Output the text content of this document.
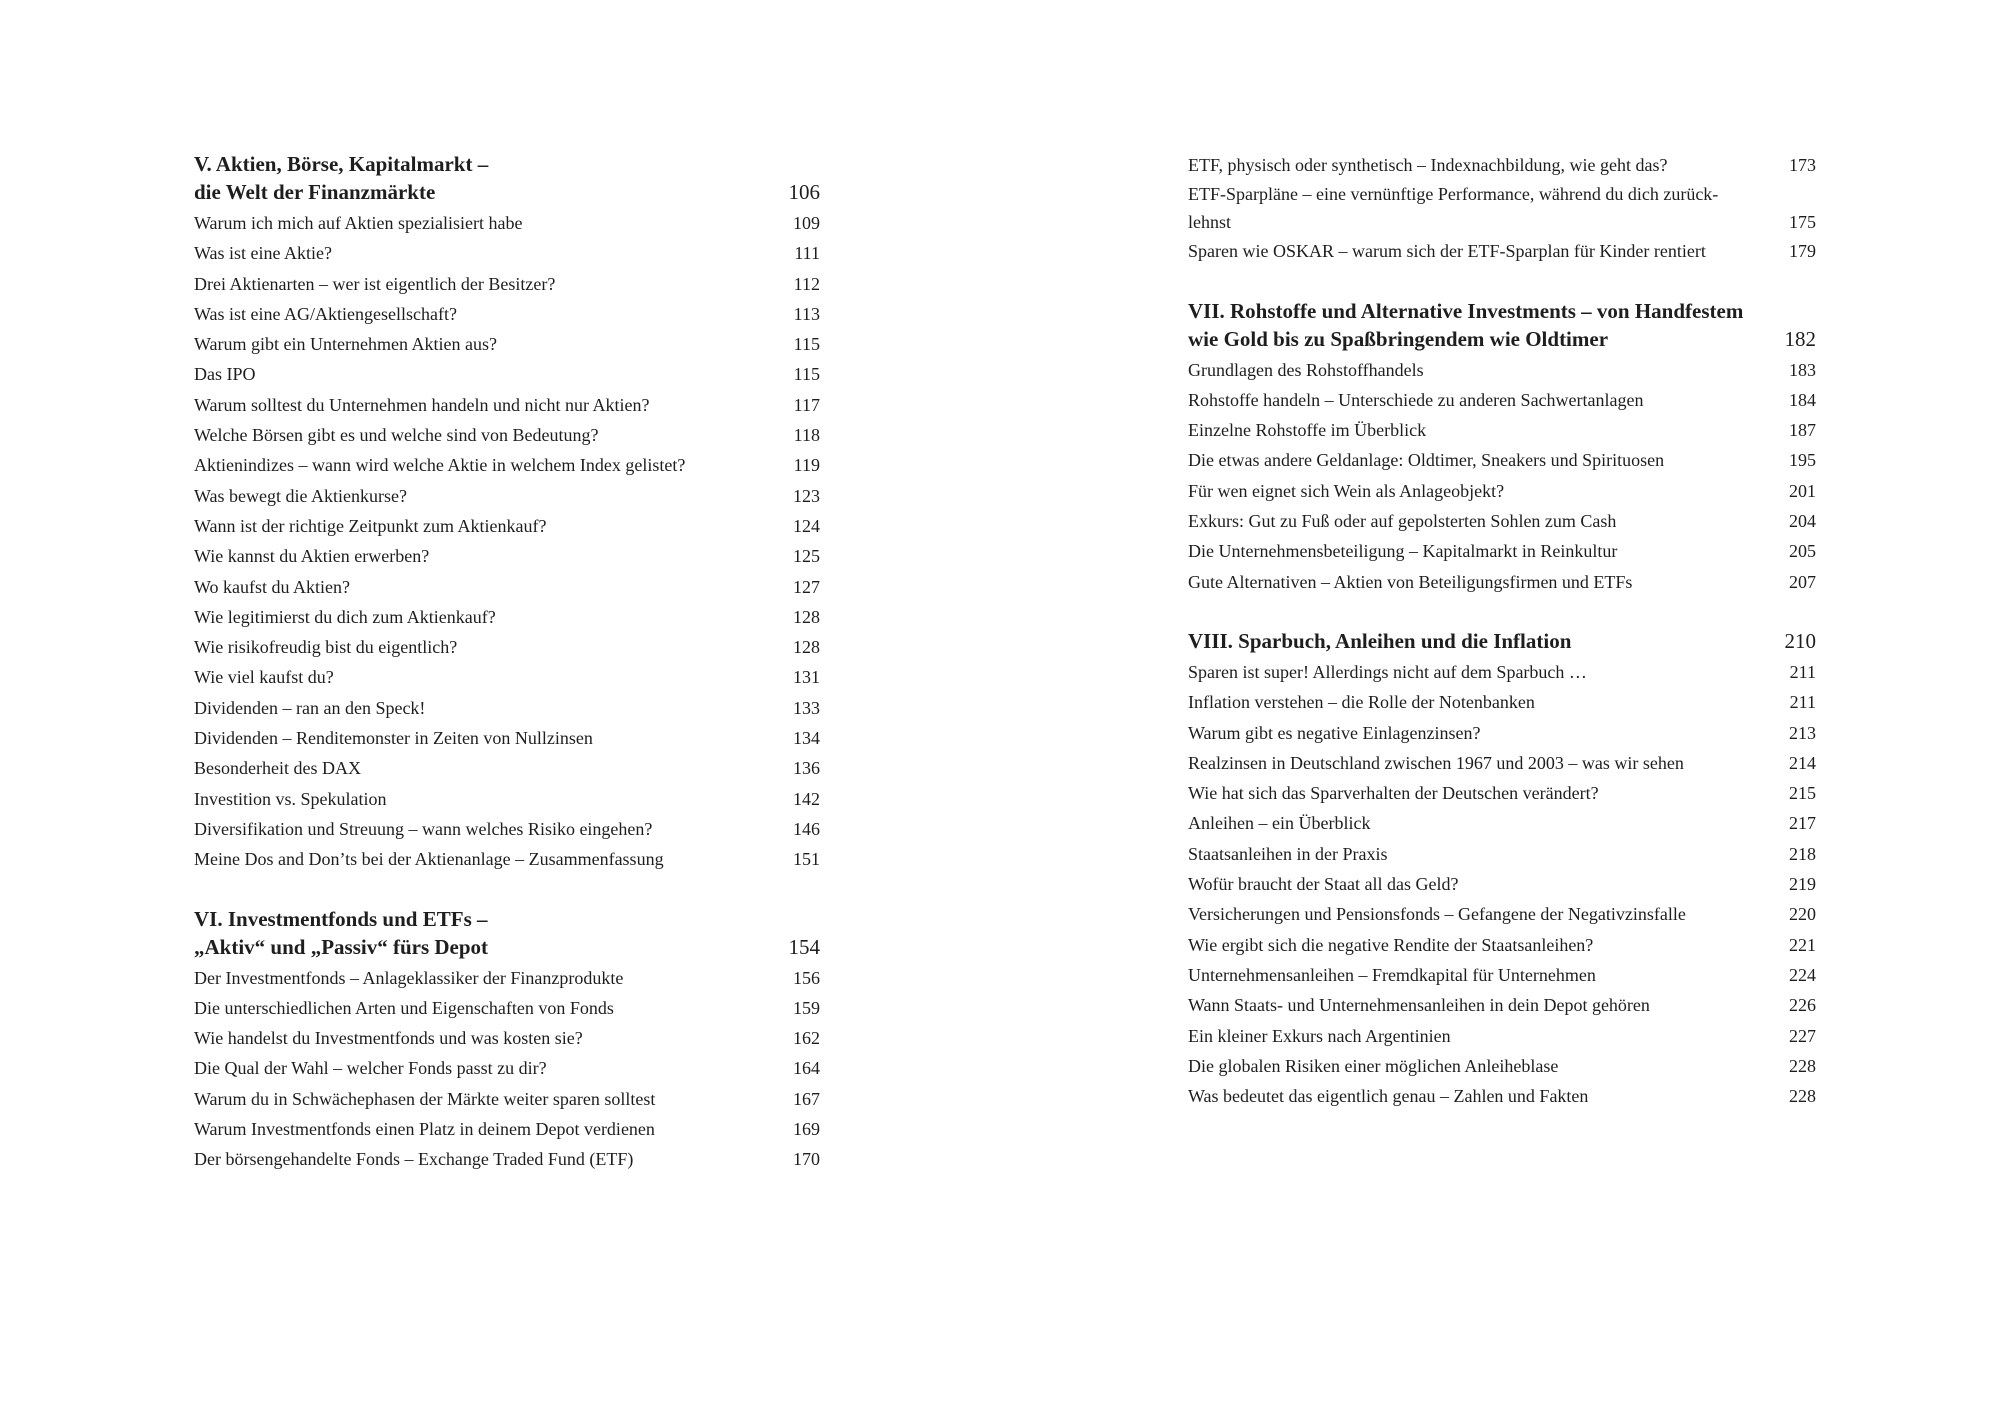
V. Aktien, Börse, Kapitalmarkt –
die Welt der Finanzmärkte	106
Warum ich mich auf Aktien spezialisiert habe	109
Was ist eine Aktie?	111
Drei Aktienarten – wer ist eigentlich der Besitzer?	112
Was ist eine AG/Aktiengesellschaft?	113
Warum gibt ein Unternehmen Aktien aus?	115
Das IPO	115
Warum solltest du Unternehmen handeln und nicht nur Aktien?	117
Welche Börsen gibt es und welche sind von Bedeutung?	118
Aktienindizes – wann wird welche Aktie in welchem Index gelistet?	119
Was bewegt die Aktienkurse?	123
Wann ist der richtige Zeitpunkt zum Aktienkauf?	124
Wie kannst du Aktien erwerben?	125
Wo kaufst du Aktien?	127
Wie legitimierst du dich zum Aktienkauf?	128
Wie risikofreudig bist du eigentlich?	128
Wie viel kaufst du?	131
Dividenden – ran an den Speck!	133
Dividenden – Renditemonster in Zeiten von Nullzinsen	134
Besonderheit des DAX	136
Investition vs. Spekulation	142
Diversifikation und Streuung – wann welches Risiko eingehen?	146
Meine Dos and Don’ts bei der Aktienanlage – Zusammenfassung	151
VI. Investmentfonds und ETFs –
„Aktiv“ und „Passiv“ fürs Depot	154
Der Investmentfonds – Anlageklassiker der Finanzprodukte	156
Die unterschiedlichen Arten und Eigenschaften von Fonds	159
Wie handelst du Investmentfonds und was kosten sie?	162
Die Qual der Wahl – welcher Fonds passt zu dir?	164
Warum du in Schwächephasen der Märkte weiter sparen solltest	167
Warum Investmentfonds einen Platz in deinem Depot verdienen	169
Der börsengehandelte Fonds – Exchange Traded Fund (ETF)	170
ETF, physisch oder synthetisch – Indexnachbildung, wie geht das?	173
ETF-Sparpläne – eine vernünftige Performance, während du dich zurück-
lehnst	175
Sparen wie OSKAR – warum sich der ETF-Sparplan für Kinder rentiert	179
VII. Rohstoffe und Alternative Investments – von Handfestem
wie Gold bis zu Spaßbringendem wie Oldtimer	182
Grundlagen des Rohstoffhandels	183
Rohstoffe handeln – Unterschiede zu anderen Sachwertanlagen	184
Einzelne Rohstoffe im Überblick	187
Die etwas andere Geldanlage: Oldtimer, Sneakers und Spirituosen	195
Für wen eignet sich Wein als Anlageobjekt?	201
Exkurs: Gut zu Fuß oder auf gepolsterten Sohlen zum Cash	204
Die Unternehmensbeteiligung – Kapitalmarkt in Reinkultur	205
Gute Alternativen – Aktien von Beteiligungsfirmen und ETFs	207
VIII. Sparbuch, Anleihen und die Inflation	210
Sparen ist super! Allerdings nicht auf dem Sparbuch …	211
Inflation verstehen – die Rolle der Notenbanken	211
Warum gibt es negative Einlagenzinsen?	213
Realzinsen in Deutschland zwischen 1967 und 2003 – was wir sehen	214
Wie hat sich das Sparverhalten der Deutschen verändert?	215
Anleihen – ein Überblick	217
Staatsanleihen in der Praxis	218
Wofür braucht der Staat all das Geld?	219
Versicherungen und Pensionsfonds – Gefangene der Negativzinsfalle	220
Wie ergibt sich die negative Rendite der Staatsanleihen?	221
Unternehmensanleihen – Fremdkapital für Unternehmen	224
Wann Staats- und Unternehmensanleihen in dein Depot gehören	226
Ein kleiner Exkurs nach Argentinien	227
Die globalen Risiken einer möglichen Anleiheblase	228
Was bedeutet das eigentlich genau – Zahlen und Fakten	228
